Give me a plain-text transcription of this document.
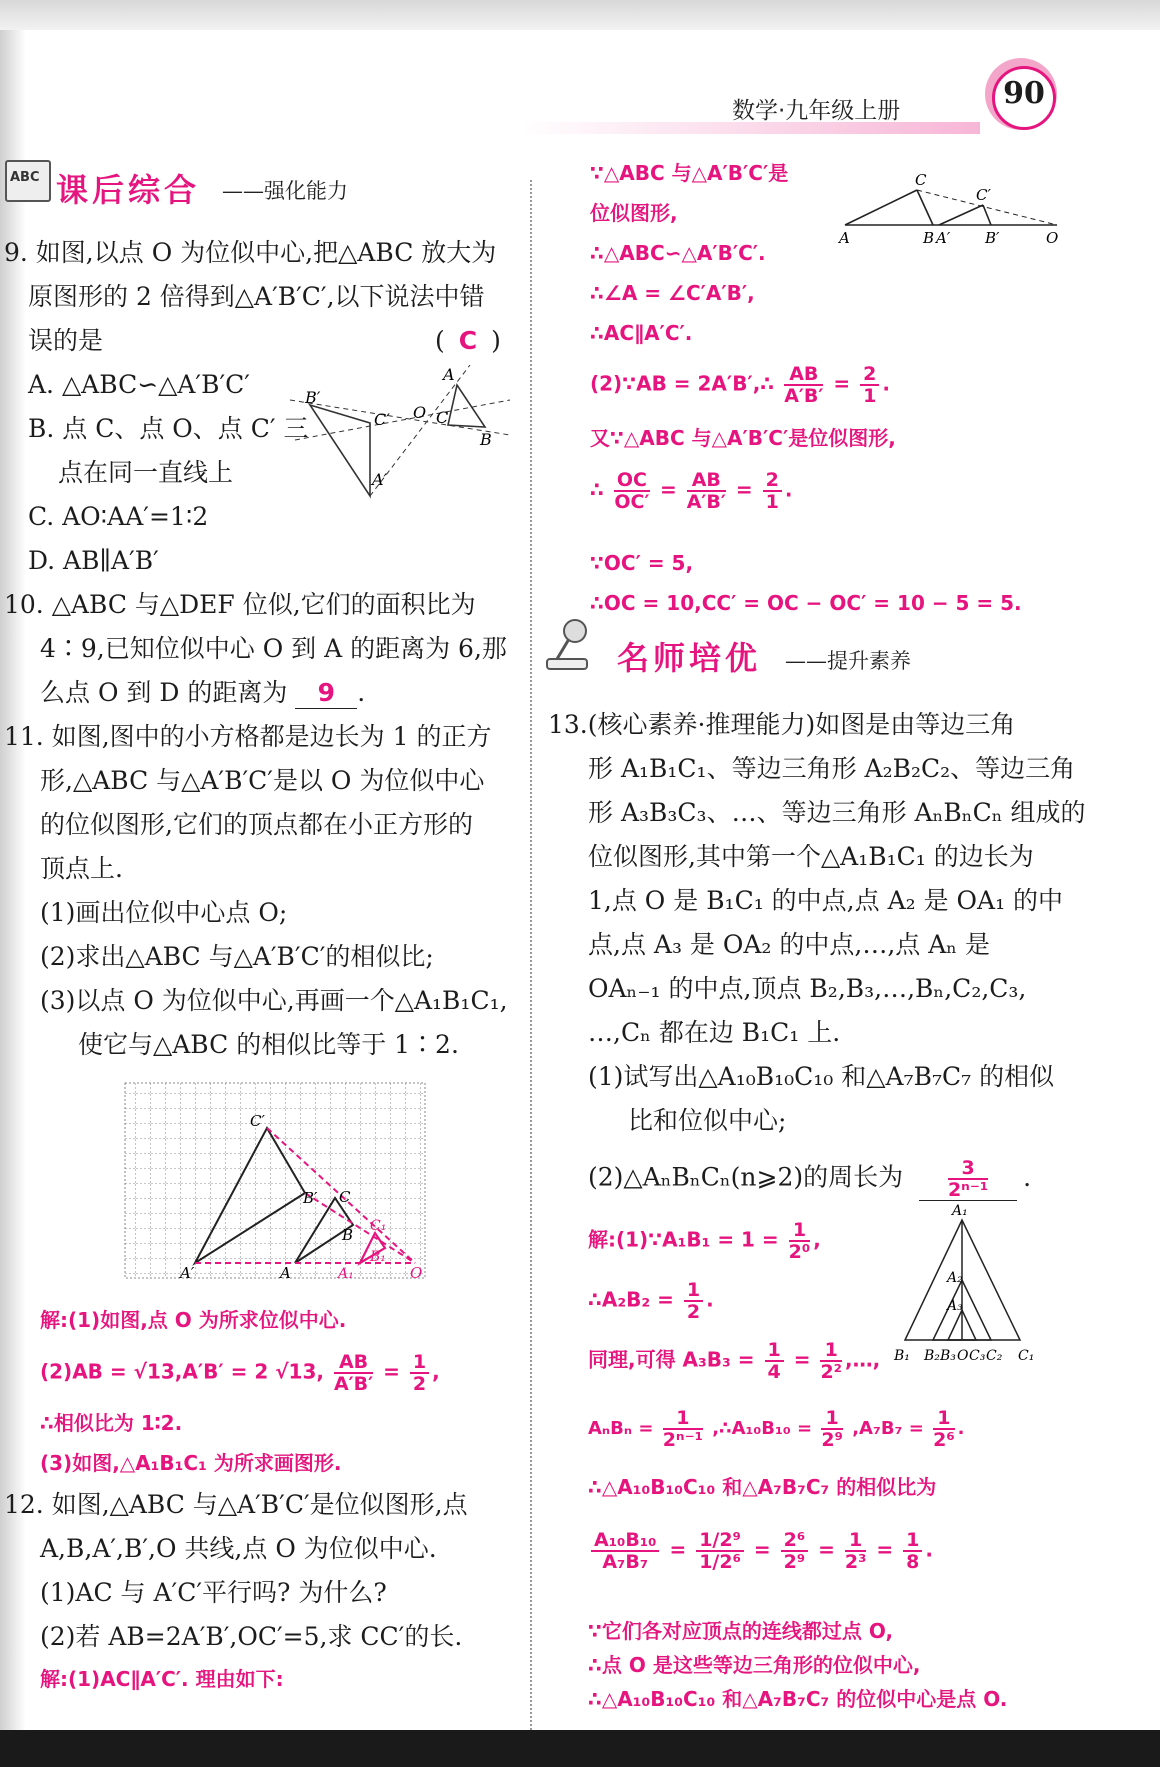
数学·九年级上册	90
ABC 课后综合 ——强化能力
9. 如图,以点 O 为位似中心,把△ABC 放大为
原图形的 2 倍得到△A′B′C′,以下说法中错
误的是	( C )
A. △ABC∽△A′B′C′
B. 点 C、点 O、点 C′ 三
点在同一直线上
C. AO∶AA′=1∶2
D. AB∥A′B′
B′
A′
C′ O
A
C
B
10. △ABC 与△DEF 位似,它们的面积比为
4∶9,已知位似中心 O 到 A 的距离为 6,那
么点 O 到 D 的距离为 9 .
11. 如图,图中的小方格都是边长为 1 的正方
形,△ABC 与△A′B′C′是以 O 为位似中心
的位似图形,它们的顶点都在小正方形的
顶点上.
(1)画出位似中心点 O;
(2)求出△ABC 与△A′B′C′的相似比;
(3)以点 O 为位似中心,再画一个△A₁B₁C₁,
使它与△ABC 的相似比等于 1∶2.
C′
B′ C
B
A′	A	A₁
B₁
C₁
O
解:(1)如图,点 O 为所求位似中心.
(2)AB = √13,A′B′ = 2 √13, $\frac{AB}{A'B'} = \frac{1}{2}$ ,
∴相似比为 1∶2.
(3)如图,△A₁B₁C₁ 为所求画图形.
12. 如图,△ABC 与△A′B′C′是位似图形,点
A,B,A′,B′,O 共线,点 O 为位似中心.
(1)AC 与 A′C′平行吗? 为什么?
(2)若 AB=2A′B′,OC′=5,求 CC′的长.
解:(1)AC∥A′C′. 理由如下:
∵△ABC 与△A′B′C′是
位似图形,
∴△ABC∽△A′B′C′.
∴∠A = ∠C′A′B′,
∴AC∥A′C′.
C
C′
A	B A′ B′	O
(2)∵AB = 2A′B′,∴ $\frac{AB}{A'B'} = \frac{2}{1}$ .
又∵△ABC 与△A′B′C′是位似图形,
∴ $\frac{OC}{OC'} = \frac{AB}{A'B'} = \frac{2}{1}$ .
∵OC′ = 5,
∴OC = 10,CC′ = OC − OC′ = 10 − 5 = 5.
名师培优 ——提升素养
13.(核心素养·推理能力)如图是由等边三角
形 A₁B₁C₁、等边三角形 A₂B₂C₂、等边三角
形 A₃B₃C₃、…、等边三角形 AₙBₙCₙ 组成的
位似图形,其中第一个△A₁B₁C₁ 的边长为
1,点 O 是 B₁C₁ 的中点,点 A₂ 是 OA₁ 的中
点,点 A₃ 是 OA₂ 的中点,…,点 Aₙ 是
OAₙ₋₁ 的中点,顶点 B₂,B₃,…,Bₙ,C₂,C₃,
…,Cₙ 都在边 B₁C₁ 上.
(1)试写出△A₁₀B₁₀C₁₀ 和△A₇B₇C₇ 的相似
比和位似中心;
(2)△AₙBₙCₙ(n⩾2)的周长为 $\frac{3}{\text{2ⁿ⁻¹}}$ .
A₁
A₂
A₃
B₁ B₂ B₃ O C₃ C₂ C₁
解:(1)∵A₁B₁ = $1 = \frac{1}{\text{2⁰}}$ ,
∴A₂B₂ = $\frac{1}{2}$ .
同理,可得 $A_3B_3 = \frac{1}{4} = \frac{1}{\text{2²}}$ ,…,
$A_nB_n = \frac{1}{\text{2ⁿ⁻¹}}$ ,∴A₁₀B₁₀ = $\frac{1}{\text{2⁹}} ,A_7B_7 = \frac{1}{\text{2⁶}}$ .
∴△A₁₀B₁₀C₁₀ 和△A₇B₇C₇ 的相似比为
$\frac{\text{A₁₀B₁₀}}{\text{A₇B₇}} = \frac{\text{1/2⁹}}{\text{1/2⁶}} = \frac{\text{2⁶}}{\text{2⁹}} = \frac{1}{\text{2³}} = \frac{1}{8}$ .
∵它们各对应顶点的连线都过点 O,
∴点 O 是这些等边三角形的位似中心,
∴△A₁₀B₁₀C₁₀ 和△A₇B₇C₇ 的位似中心是点 O.
